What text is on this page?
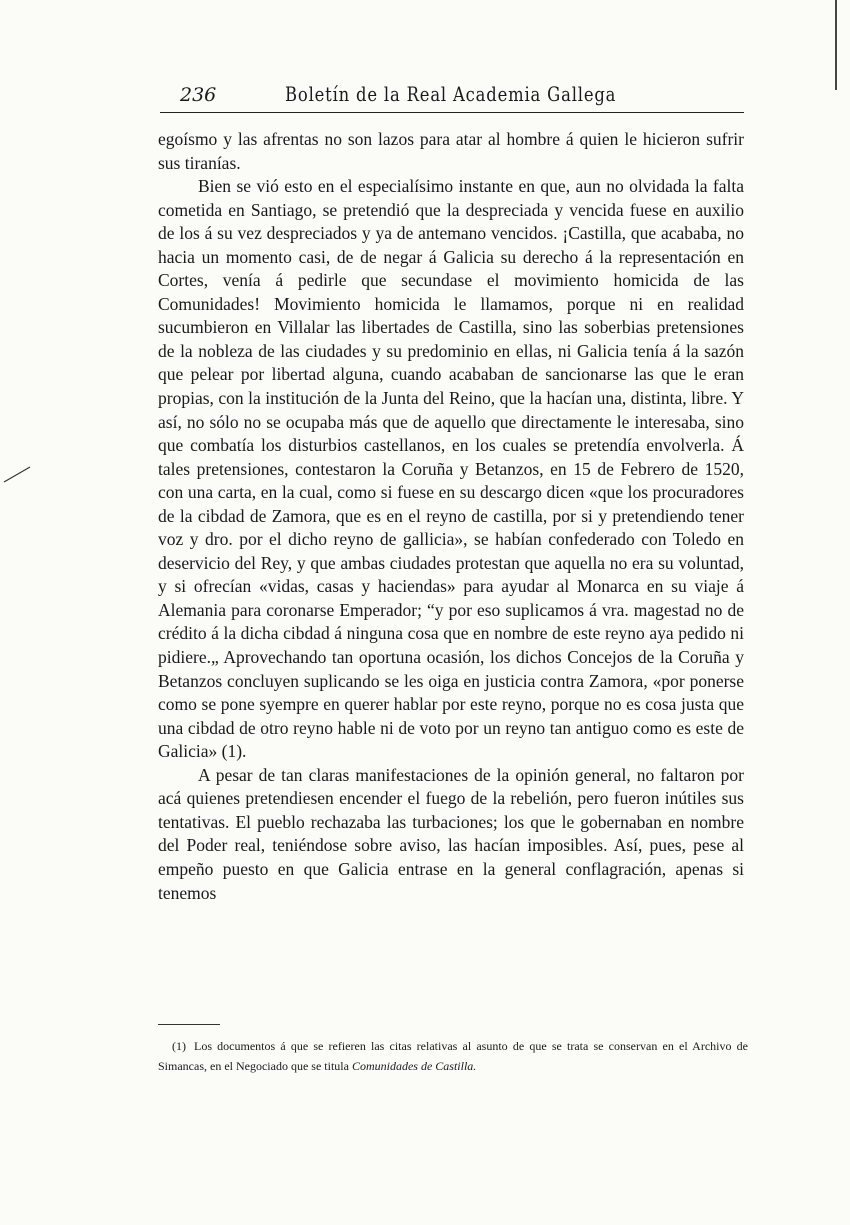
236	Boletín de la Real Academia Gallega

egoísmo y las afrentas no son lazos para atar al hombre á quien le hicieron sufrir sus tiranías.

Bien se vió esto en el especialísimo instante en que, aun no olvidada la falta cometida en Santiago, se pretendió que la despreciada y vencida fuese en auxilio de los á su vez despreciados y ya de antemano vencidos. ¡Castilla, que acababa, no hacia un momento casi, de de negar á Galicia su derecho á la representación en Cortes, venía á pedirle que secundase el movimiento homicida de las Comunidades! Movimiento homicida le llamamos, porque ni en realidad sucumbieron en Villalar las libertades de Castilla, sino las soberbias pretensiones de la nobleza de las ciudades y su predominio en ellas, ni Galicia tenía á la sazón que pelear por libertad alguna, cuando acababan de sancionarse las que le eran propias, con la institución de la Junta del Reino, que la hacían una, distinta, libre. Y así, no sólo no se ocupaba más que de aquello que directamente le interesaba, sino que combatía los disturbios castellanos, en los cuales se pretendía envolverla. Á tales pretensiones, contestaron la Coruña y Betanzos, en 15 de Febrero de 1520, con una carta, en la cual, como si fuese en su descargo dicen «que los procuradores de la cibdad de Zamora, que es en el reyno de castilla, por si y pretendiendo tener voz y dro. por el dicho reyno de gallicia», se habían confederado con Toledo en deservicio del Rey, y que ambas ciudades protestan que aquella no era su voluntad, y si ofrecían «vidas, casas y haciendas» para ayudar al Monarca en su viaje á Alemania para coronarse Emperador; “y por eso suplicamos á vra. magestad no de crédito á la dicha cibdad á ninguna cosa que en nombre de este reyno aya pedido ni pidiere.„ Aprovechando tan oportuna ocasión, los dichos Concejos de la Coruña y Betanzos concluyen suplicando se les oiga en justicia contra Zamora, «por ponerse como se pone syempre en querer hablar por este reyno, porque no es cosa justa que una cibdad de otro reyno hable ni de voto por un reyno tan antiguo como es este de Galicia» (1).

A pesar de tan claras manifestaciones de la opinión general, no faltaron por acá quienes pretendiesen encender el fuego de la rebelión, pero fueron inútiles sus tentativas. El pueblo rechazaba las turbaciones; los que le gobernaban en nombre del Poder real, teniéndose sobre aviso, las hacían imposibles. Así, pues, pese al empeño puesto en que Galicia entrase en la general conflagración, apenas si tenemos

(1) Los documentos á que se refieren las citas relativas al asunto de que se trata se conservan en el Archivo de Simancas, en el Negociado que se titula Comunidades de Castilla.
